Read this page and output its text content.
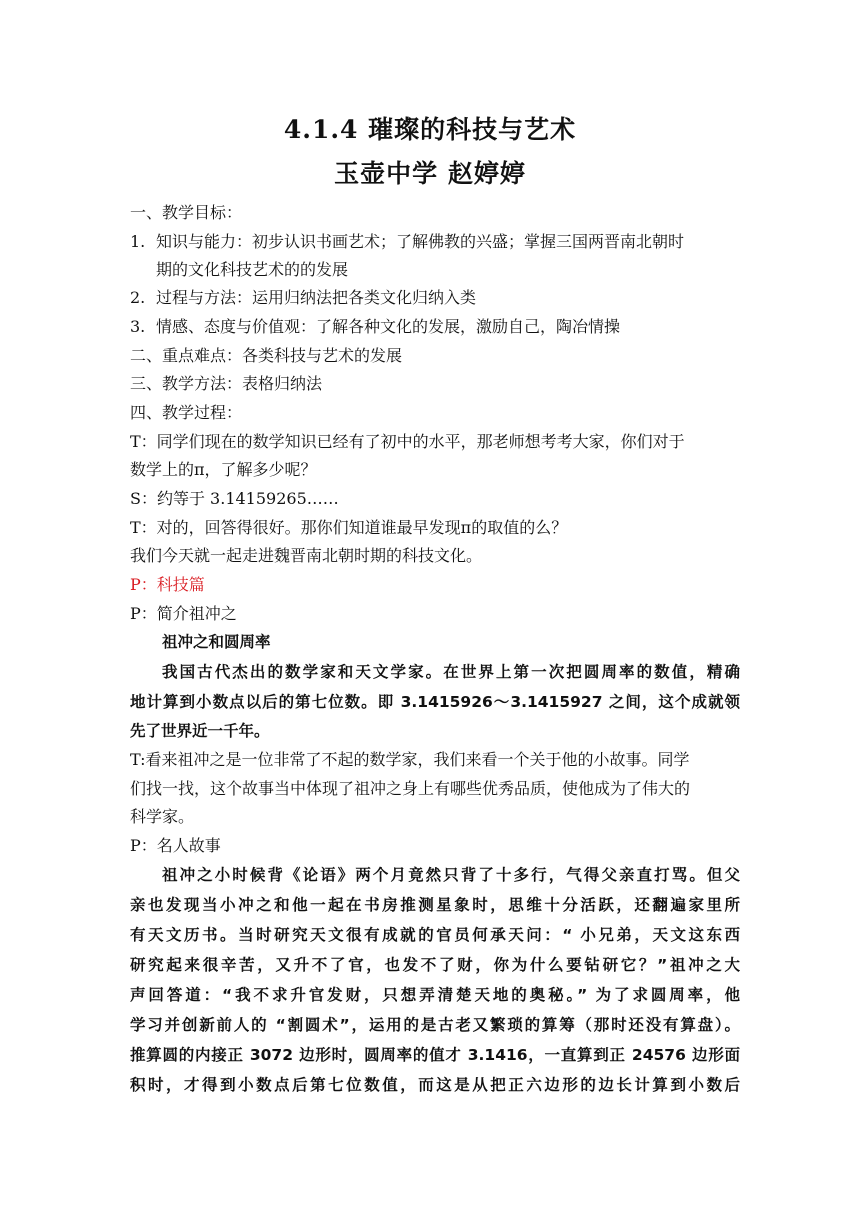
4.1.4 璀璨的科技与艺术
玉壶中学 赵婷婷
一、教学目标：
1. 知识与能力：初步认识书画艺术；了解佛教的兴盛；掌握三国两晋南北朝时
期的文化科技艺术的的发展
2. 过程与方法：运用归纳法把各类文化归纳入类
3. 情感、态度与价值观：了解各种文化的发展，激励自己，陶冶情操
二、重点难点：各类科技与艺术的发展
三、教学方法：表格归纳法
四、教学过程：
T：同学们现在的数学知识已经有了初中的水平，那老师想考考大家，你们对于
数学上的π，了解多少呢？
S：约等于 3.14159265……
T：对的，回答得很好。那你们知道谁最早发现π的取值的么？
我们今天就一起走进魏晋南北朝时期的科技文化。
P：科技篇
P：简介祖冲之
祖冲之和圆周率
我国古代杰出的数学家和天文学家。在世界上第一次把圆周率的数值，精确
地计算到小数点以后的第七位数。即 3.1415926～3.1415927 之间，这个成就领
先了世界近一千年。
T:看来祖冲之是一位非常了不起的数学家，我们来看一个关于他的小故事。同学
们找一找，这个故事当中体现了祖冲之身上有哪些优秀品质，使他成为了伟大的
科学家。
P：名人故事
祖冲之小时候背《论语》两个月竟然只背了十多行，气得父亲直打骂。但父
亲也发现当小冲之和他一起在书房推测星象时，思维十分活跃，还翻遍家里所
有天文历书。当时研究天文很有成就的官员何承天问：“ 小兄弟，天文这东西
研究起来很辛苦，又升不了官，也发不了财，你为什么要钻研它？”祖冲之大
声回答道：“我不求升官发财，只想弄清楚天地的奥秘。” 为了求圆周率，他
学习并创新前人的 “割圆术”，运用的是古老又繁琐的算筹（那时还没有算盘）。
推算圆的内接正 3072 边形时，圆周率的值才 3.1416，一直算到正 24576 边形面
积时，才得到小数点后第七位数值，而这是从把正六边形的边长计算到小数后
